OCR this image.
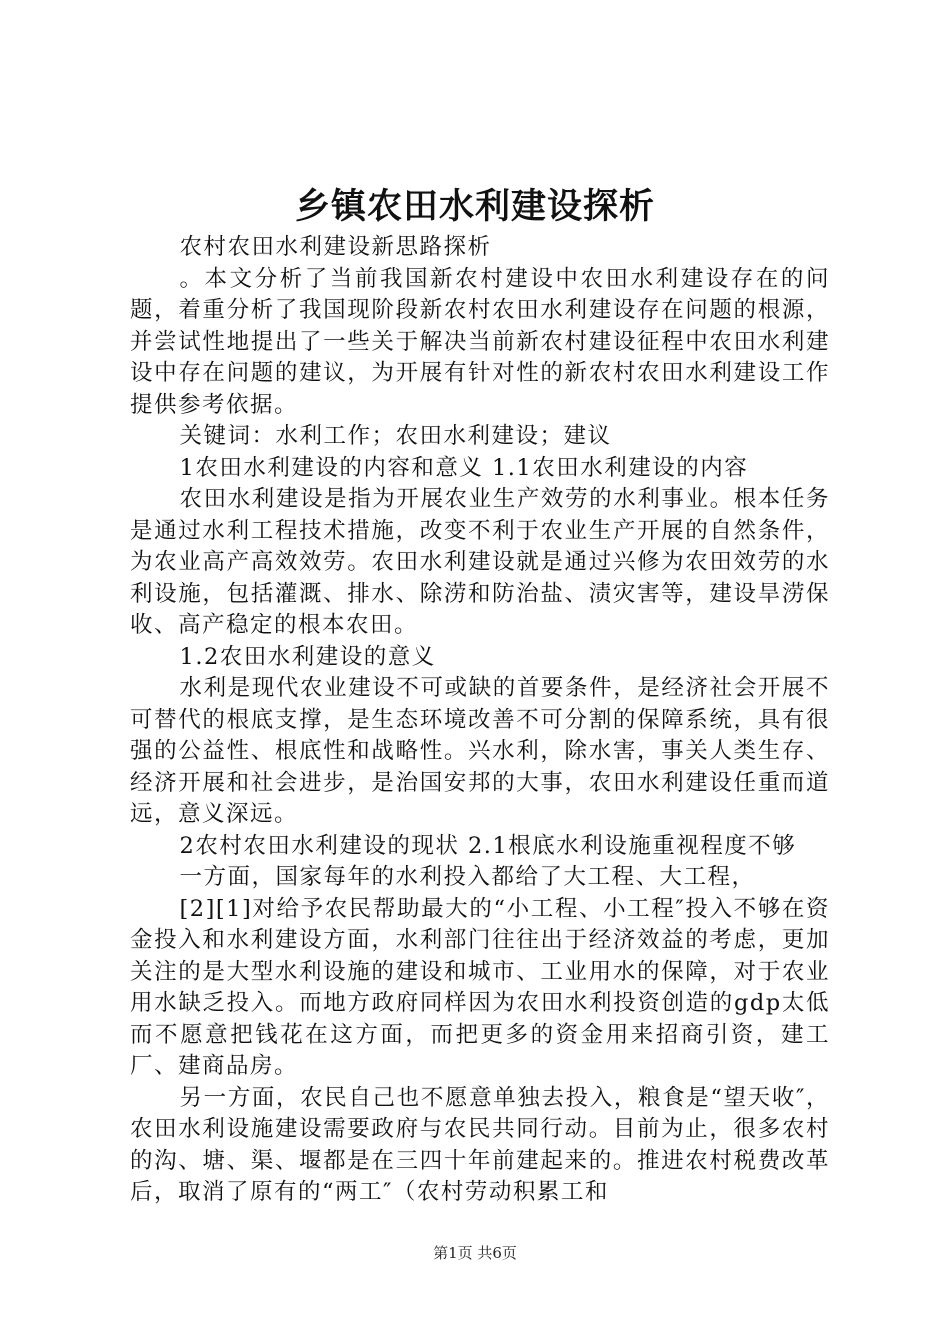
乡镇农田水利建设探析

农村农田水利建设新思路探析

。本文分析了当前我国新农村建设中农田水利建设存在的问题，着重分析了我国现阶段新农村农田水利建设存在问题的根源，并尝试性地提出了一些关于解决当前新农村建设征程中农田水利建设中存在问题的建议，为开展有针对性的新农村农田水利建设工作提供参考依据。

关键词：水利工作；农田水利建设；建议

1农田水利建设的内容和意义 1.1农田水利建设的内容

农田水利建设是指为开展农业生产效劳的水利事业。根本任务是通过水利工程技术措施，改变不利于农业生产开展的自然条件，为农业高产高效效劳。农田水利建设就是通过兴修为农田效劳的水利设施，包括灌溉、排水、除涝和防治盐、渍灾害等，建设旱涝保收、高产稳定的根本农田。

1.2农田水利建设的意义

水利是现代农业建设不可或缺的首要条件，是经济社会开展不可替代的根底支撑，是生态环境改善不可分割的保障系统，具有很强的公益性、根底性和战略性。兴水利，除水害，事关人类生存、经济开展和社会进步，是治国安邦的大事，农田水利建设任重而道远，意义深远。

2农村农田水利建设的现状 2.1根底水利设施重视程度不够

一方面，国家每年的水利投入都给了大工程、大工程，

[2][1]对给予农民帮助最大的“小工程、小工程″投入不够在资金投入和水利建设方面，水利部门往往出于经济效益的考虑，更加关注的是大型水利设施的建设和城市、工业用水的保障，对于农业用水缺乏投入。而地方政府同样因为农田水利投资创造的gdp太低而不愿意把钱花在这方面，而把更多的资金用来招商引资，建工厂、建商品房。

另一方面，农民自己也不愿意单独去投入，粮食是“望天收″，农田水利设施建设需要政府与农民共同行动。目前为止，很多农村的沟、塘、渠、堰都是在三四十年前建起来的。推进农村税费改革后，取消了原有的“两工″（农村劳动积累工和

第1页 共6页
